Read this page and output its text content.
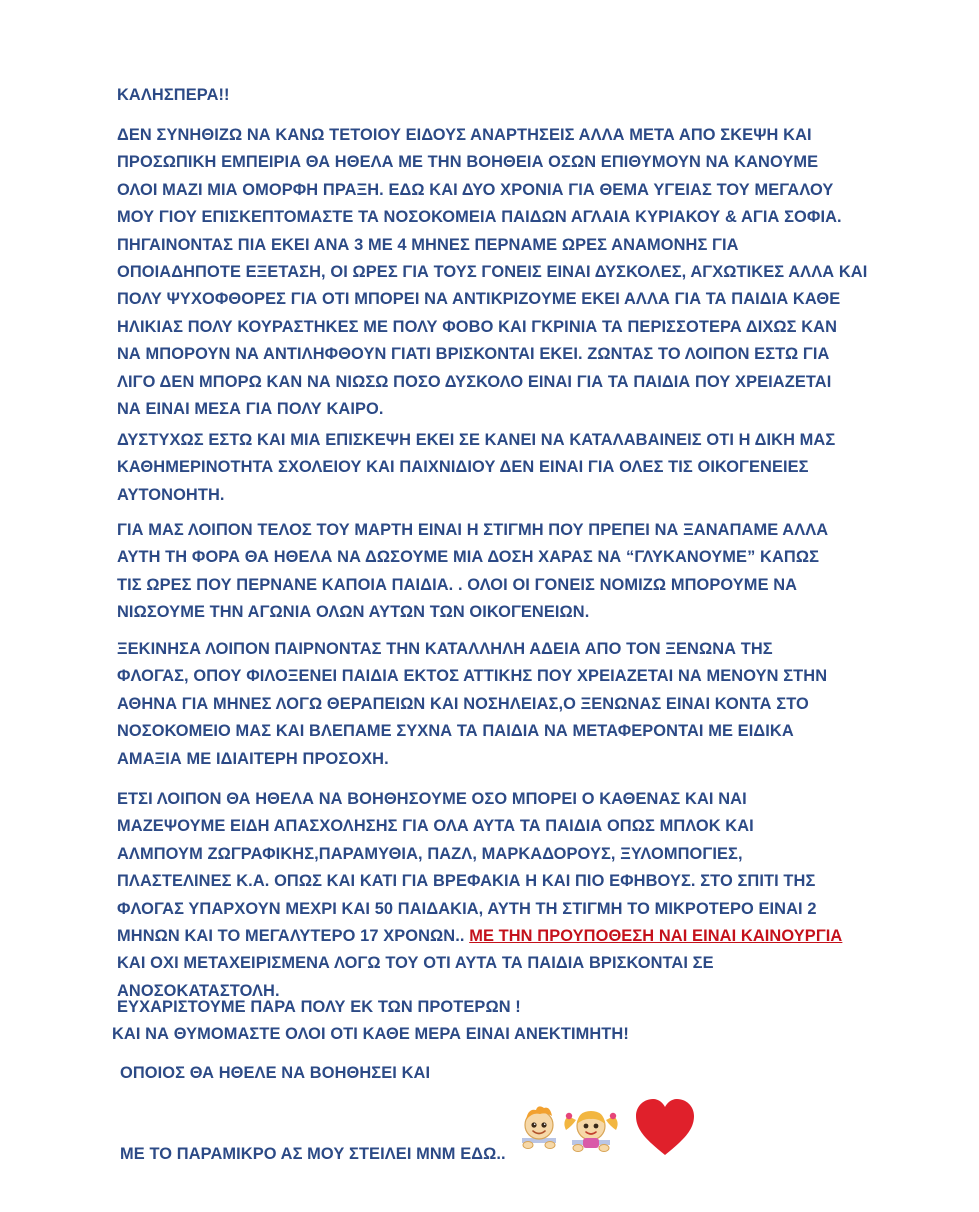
ΚΑΛΗΣΠΕΡΑ!!
ΔΕΝ ΣΥΝΗΘΙΖΩ ΝΑ ΚΑΝΩ ΤΕΤΟΙΟΥ ΕΙΔΟΥΣ ΑΝΑΡΤΗΣΕΙΣ ΑΛΛΑ ΜΕΤΑ ΑΠΟ ΣΚΕΨΗ ΚΑΙ
ΠΡΟΣΩΠΙΚΗ ΕΜΠΕΙΡΙΑ ΘΑ ΗΘΕΛΑ ΜΕ ΤΗΝ ΒΟΗΘΕΙΑ ΟΣΩΝ ΕΠΙΘΥΜΟΥΝ ΝΑ ΚΑΝΟΥΜΕ
ΟΛΟΙ ΜΑΖΙ ΜΙΑ ΟΜΟΡΦΗ ΠΡΑΞΗ. ΕΔΩ ΚΑΙ ΔΥΟ ΧΡΟΝΙΑ ΓΙΑ ΘΕΜΑ ΥΓΕΙΑΣ ΤΟΥ ΜΕΓΑΛΟΥ
ΜΟΥ ΓΙΟΥ ΕΠΙΣΚΕΠΤΟΜΑΣΤΕ ΤΑ ΝΟΣΟΚΟΜΕΙΑ ΠΑΙΔΩΝ ΑΓΛΑΙΑ ΚΥΡΙΑΚΟΥ & ΑΓΙΑ ΣΟΦΙΑ.
ΠΗΓΑΙΝΟΝΤΑΣ ΠΙΑ ΕΚΕΙ ΑΝΑ 3 ΜΕ 4 ΜΗΝΕΣ ΠΕΡΝΑΜΕ ΩΡΕΣ ΑΝΑΜΟΝΗΣ ΓΙΑ
ΟΠΟΙΑΔΗΠΟΤΕ ΕΞΕΤΑΣΗ, ΟΙ ΩΡΕΣ ΓΙΑ ΤΟΥΣ ΓΟΝΕΙΣ ΕΙΝΑΙ ΔΥΣΚΟΛΕΣ, ΑΓΧΩΤΙΚΕΣ ΑΛΛΑ ΚΑΙ
ΠΟΛΥ ΨΥΧΟΦΘΟΡΕΣ ΓΙΑ ΟΤΙ ΜΠΟΡΕΙ ΝΑ ΑΝΤΙΚΡΙΖΟΥΜΕ ΕΚΕΙ ΑΛΛΑ ΓΙΑ ΤΑ ΠΑΙΔΙΑ ΚΑΘΕ
ΗΛΙΚΙΑΣ ΠΟΛΥ ΚΟΥΡΑΣΤΗΚΕΣ ΜΕ ΠΟΛΥ ΦΟΒΟ ΚΑΙ ΓΚΡΙΝΙΑ ΤΑ ΠΕΡΙΣΣΟΤΕΡΑ ΔΙΧΩΣ ΚΑΝ
ΝΑ ΜΠΟΡΟΥΝ ΝΑ ΑΝΤΙΛΗΦΘΟΥΝ ΓΙΑΤΙ ΒΡΙΣΚΟΝΤΑΙ ΕΚΕΙ. ΖΩΝΤΑΣ ΤΟ ΛΟΙΠΟΝ ΕΣΤΩ ΓΙΑ
ΛΙΓΟ ΔΕΝ ΜΠΟΡΩ ΚΑΝ ΝΑ ΝΙΩΣΩ ΠΟΣΟ ΔΥΣΚΟΛΟ ΕΙΝΑΙ ΓΙΑ ΤΑ ΠΑΙΔΙΑ ΠΟΥ ΧΡΕΙΑΖΕΤΑΙ
ΝΑ ΕΙΝΑΙ ΜΕΣΑ ΓΙΑ ΠΟΛΥ ΚΑΙΡΟ.
ΔΥΣΤΥΧΩΣ ΕΣΤΩ ΚΑΙ ΜΙΑ ΕΠΙΣΚΕΨΗ ΕΚΕΙ ΣΕ ΚΑΝΕΙ ΝΑ ΚΑΤΑΛΑΒΑΙΝΕΙΣ ΟΤΙ Η ΔΙΚΗ ΜΑΣ
ΚΑΘΗΜΕΡΙΝΟΤΗΤΑ ΣΧΟΛΕΙΟΥ ΚΑΙ ΠΑΙΧΝΙΔΙΟΥ ΔΕΝ ΕΙΝΑΙ ΓΙΑ ΟΛΕΣ ΤΙΣ ΟΙΚΟΓΕΝΕΙΕΣ
ΑΥΤΟΝΟΗΤΗ.
ΓΙΑ ΜΑΣ ΛΟΙΠΟΝ ΤΕΛΟΣ ΤΟΥ ΜΑΡΤΗ ΕΙΝΑΙ Η ΣΤΙΓΜΗ ΠΟΥ ΠΡΕΠΕΙ ΝΑ ΞΑΝΑΠΑΜΕ ΑΛΛΑ
ΑΥΤΗ ΤΗ ΦΟΡΑ ΘΑ ΗΘΕΛΑ ΝΑ ΔΩΣΟΥΜΕ ΜΙΑ ΔΟΣΗ ΧΑΡΑΣ ΝΑ “ΓΛΥΚΑΝΟΥΜΕ” ΚΑΠΩΣ
ΤΙΣ ΩΡΕΣ ΠΟΥ ΠΕΡΝΑΝΕ ΚΑΠΟΙΑ ΠΑΙΔΙΑ. . ΟΛΟΙ ΟΙ ΓΟΝΕΙΣ ΝΟΜΙΖΩ ΜΠΟΡΟΥΜΕ ΝΑ
ΝΙΩΣΟΥΜΕ ΤΗΝ ΑΓΩΝΙΑ ΟΛΩΝ ΑΥΤΩΝ ΤΩΝ ΟΙΚΟΓΕΝΕΙΩΝ.
ΞΕΚΙΝΗΣΑ ΛΟΙΠΟΝ ΠΑΙΡΝΟΝΤΑΣ ΤΗΝ ΚΑΤΑΛΛΗΛΗ ΑΔΕΙΑ ΑΠΟ ΤΟΝ ΞΕΝΩΝΑ ΤΗΣ
ΦΛΟΓΑΣ, ΟΠΟΥ ΦΙΛΟΞΕΝΕΙ ΠΑΙΔΙΑ ΕΚΤΟΣ ΑΤΤΙΚΗΣ ΠΟΥ ΧΡΕΙΑΖΕΤΑΙ ΝΑ ΜΕΝΟΥΝ ΣΤΗΝ
ΑΘΗΝΑ ΓΙΑ ΜΗΝΕΣ ΛΟΓΩ ΘΕΡΑΠΕΙΩΝ ΚΑΙ ΝΟΣΗΛΕΙΑΣ,Ο ΞΕΝΩΝΑΣ ΕΙΝΑΙ ΚΟΝΤΑ ΣΤΟ
ΝΟΣΟΚΟΜΕΙΟ ΜΑΣ ΚΑΙ ΒΛΕΠΑΜΕ ΣΥΧΝΑ ΤΑ ΠΑΙΔΙΑ ΝΑ ΜΕΤΑΦΕΡΟΝΤΑΙ ΜΕ ΕΙΔΙΚΑ
ΑΜΑΞΙΑ ΜΕ ΙΔΙΑΙΤΕΡΗ ΠΡΟΣΟΧΗ.
ΕΤΣΙ ΛΟΙΠΟΝ ΘΑ ΗΘΕΛΑ ΝΑ ΒΟΗΘΗΣΟΥΜΕ ΟΣΟ ΜΠΟΡΕΙ Ο ΚΑΘΕΝΑΣ ΚΑΙ ΝΑΙ
ΜΑΖΕΨΟΥΜΕ ΕΙΔΗ ΑΠΑΣΧΟΛΗΣΗΣ ΓΙΑ ΟΛΑ ΑΥΤΑ ΤΑ ΠΑΙΔΙΑ ΟΠΩΣ ΜΠΛΟΚ ΚΑΙ
ΑΛΜΠΟΥΜ ΖΩΓΡΑΦΙΚΗΣ,ΠΑΡΑΜΥΘΙΑ, ΠΑΖΛ, ΜΑΡΚΑΔΟΡΟΥΣ, ΞΥΛΟΜΠΟΓΙΕΣ,
ΠΛΑΣΤΕΛΙΝΕΣ Κ.Α. ΟΠΩΣ ΚΑΙ ΚΑΤΙ ΓΙΑ ΒΡΕΦΑΚΙΑ Η ΚΑΙ ΠΙΟ ΕΦΗΒΟΥΣ. ΣΤΟ ΣΠΙΤΙ ΤΗΣ
ΦΛΟΓΑΣ ΥΠΑΡΧΟΥΝ ΜΕΧΡΙ ΚΑΙ 50 ΠΑΙΔΑΚΙΑ, ΑΥΤΗ ΤΗ ΣΤΙΓΜΗ ΤΟ ΜΙΚΡΟΤΕΡΟ ΕΙΝΑΙ 2
ΜΗΝΩΝ ΚΑΙ ΤΟ ΜΕΓΑΛΥΤΕΡΟ 17 ΧΡΟΝΩΝ.. ΜΕ ΤΗΝ ΠΡΟΥΠΟΘΕΣΗ ΝΑΙ ΕΙΝΑΙ ΚΑΙΝΟΥΡΓΙΑ
ΚΑΙ ΟΧΙ ΜΕΤΑΧΕΙΡΙΣΜΕΝΑ ΛΟΓΩ ΤΟΥ ΟΤΙ ΑΥΤΑ ΤΑ ΠΑΙΔΙΑ ΒΡΙΣΚΟΝΤΑΙ ΣΕ
ΑΝΟΣΟΚΑΤΑΣΤΟΛΗ.
ΕΥΧΑΡΙΣΤΟΥΜΕ ΠΑΡΑ ΠΟΛΥ ΕΚ ΤΩΝ ΠΡΟΤΕΡΩΝ !
ΚΑΙ ΝΑ ΘΥΜΟΜΑΣΤΕ ΟΛΟΙ ΟΤΙ ΚΑΘΕ ΜΕΡΑ ΕΙΝΑΙ ΑΝΕΚΤΙΜΗΤΗ!
ΟΠΟΙΟΣ ΘΑ ΗΘΕΛΕ ΝΑ ΒΟΗΘΗΣΕΙ ΚΑΙ
ΜΕ ΤΟ ΠΑΡΑΜΙΚΡΟ ΑΣ ΜΟΥ ΣΤΕΙΛΕΙ ΜΝΜ ΕΔΩ..
